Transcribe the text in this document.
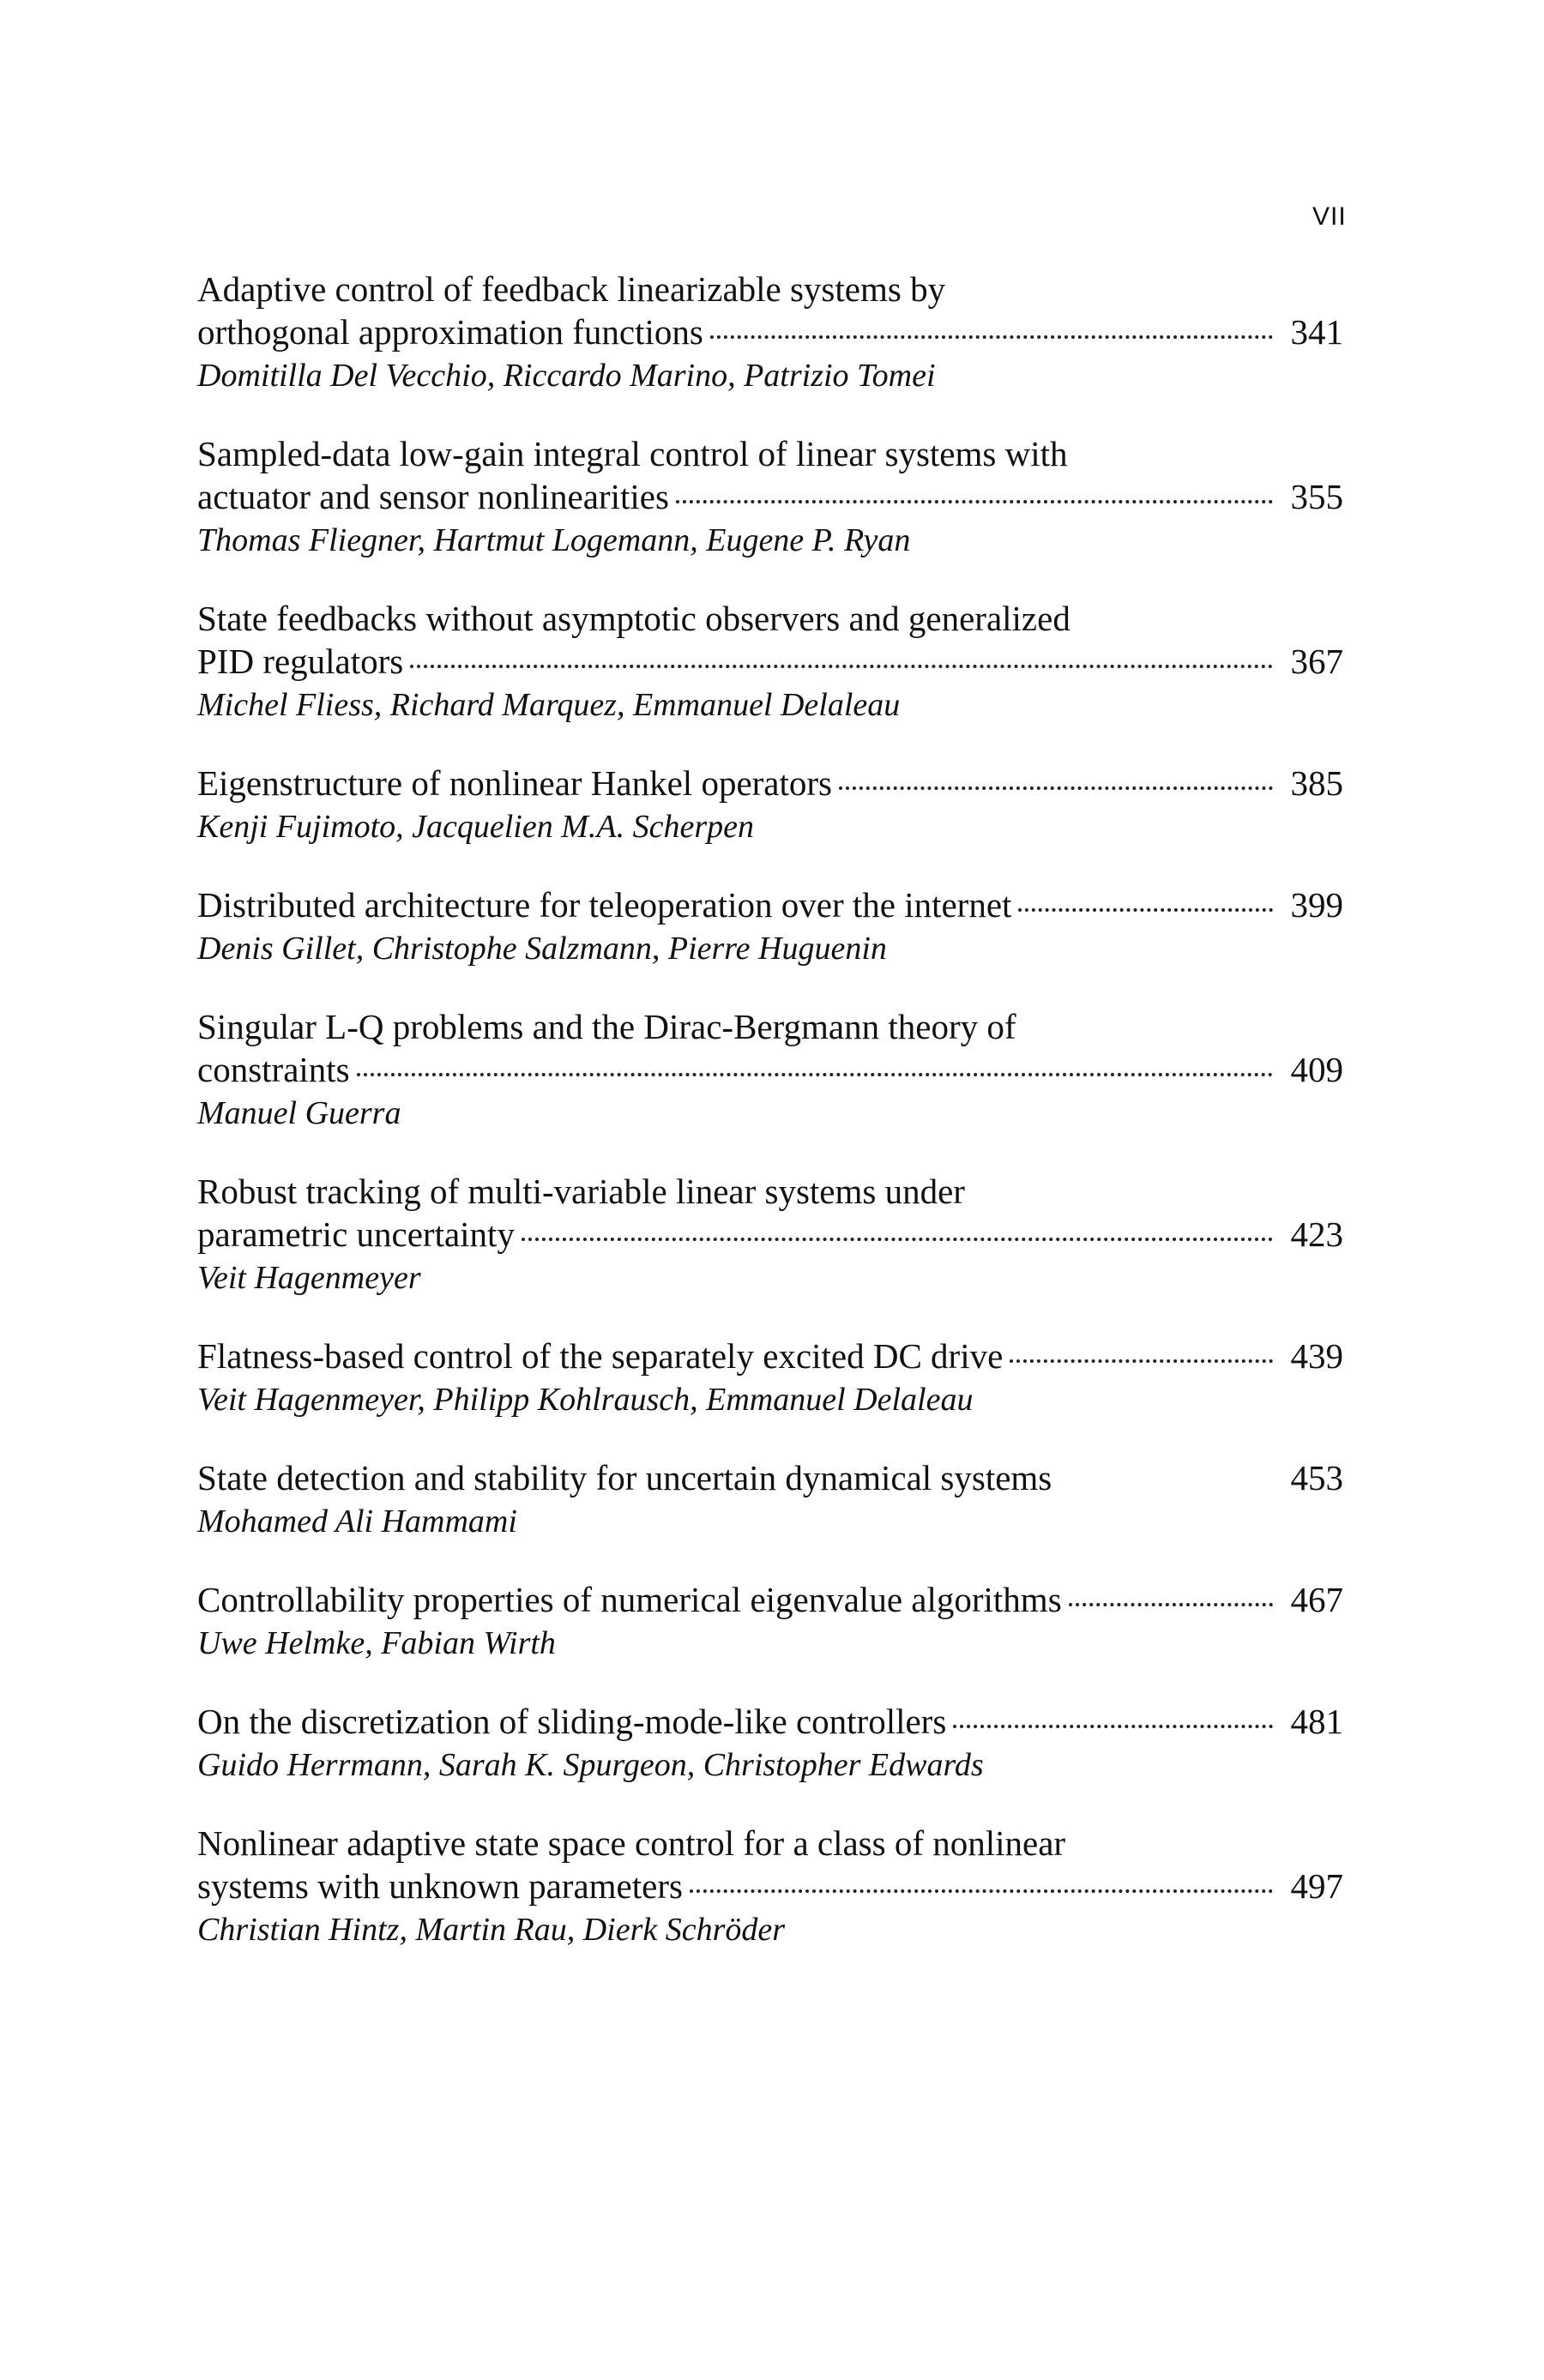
VII
Adaptive control of feedback linearizable systems by
orthogonal approximation functions	341
Domitilla Del Vecchio, Riccardo Marino, Patrizio Tomei
Sampled-data low-gain integral control of linear systems with
actuator and sensor nonlinearities	355
Thomas Fliegner, Hartmut Logemann, Eugene P. Ryan
State feedbacks without asymptotic observers and generalized
PID regulators	367
Michel Fliess, Richard Marquez, Emmanuel Delaleau
Eigenstructure of nonlinear Hankel operators	385
Kenji Fujimoto, Jacquelien M.A. Scherpen
Distributed architecture for teleoperation over the internet	399
Denis Gillet, Christophe Salzmann, Pierre Huguenin
Singular L-Q problems and the Dirac-Bergmann theory of
constraints	409
Manuel Guerra
Robust tracking of multi-variable linear systems under
parametric uncertainty	423
Veit Hagenmeyer
Flatness-based control of the separately excited DC drive	439
Veit Hagenmeyer, Philipp Kohlrausch, Emmanuel Delaleau
State detection and stability for uncertain dynamical systems	453
Mohamed Ali Hammami
Controllability properties of numerical eigenvalue algorithms	467
Uwe Helmke, Fabian Wirth
On the discretization of sliding-mode-like controllers	481
Guido Herrmann, Sarah K. Spurgeon, Christopher Edwards
Nonlinear adaptive state space control for a class of nonlinear
systems with unknown parameters	497
Christian Hintz, Martin Rau, Dierk Schröder
